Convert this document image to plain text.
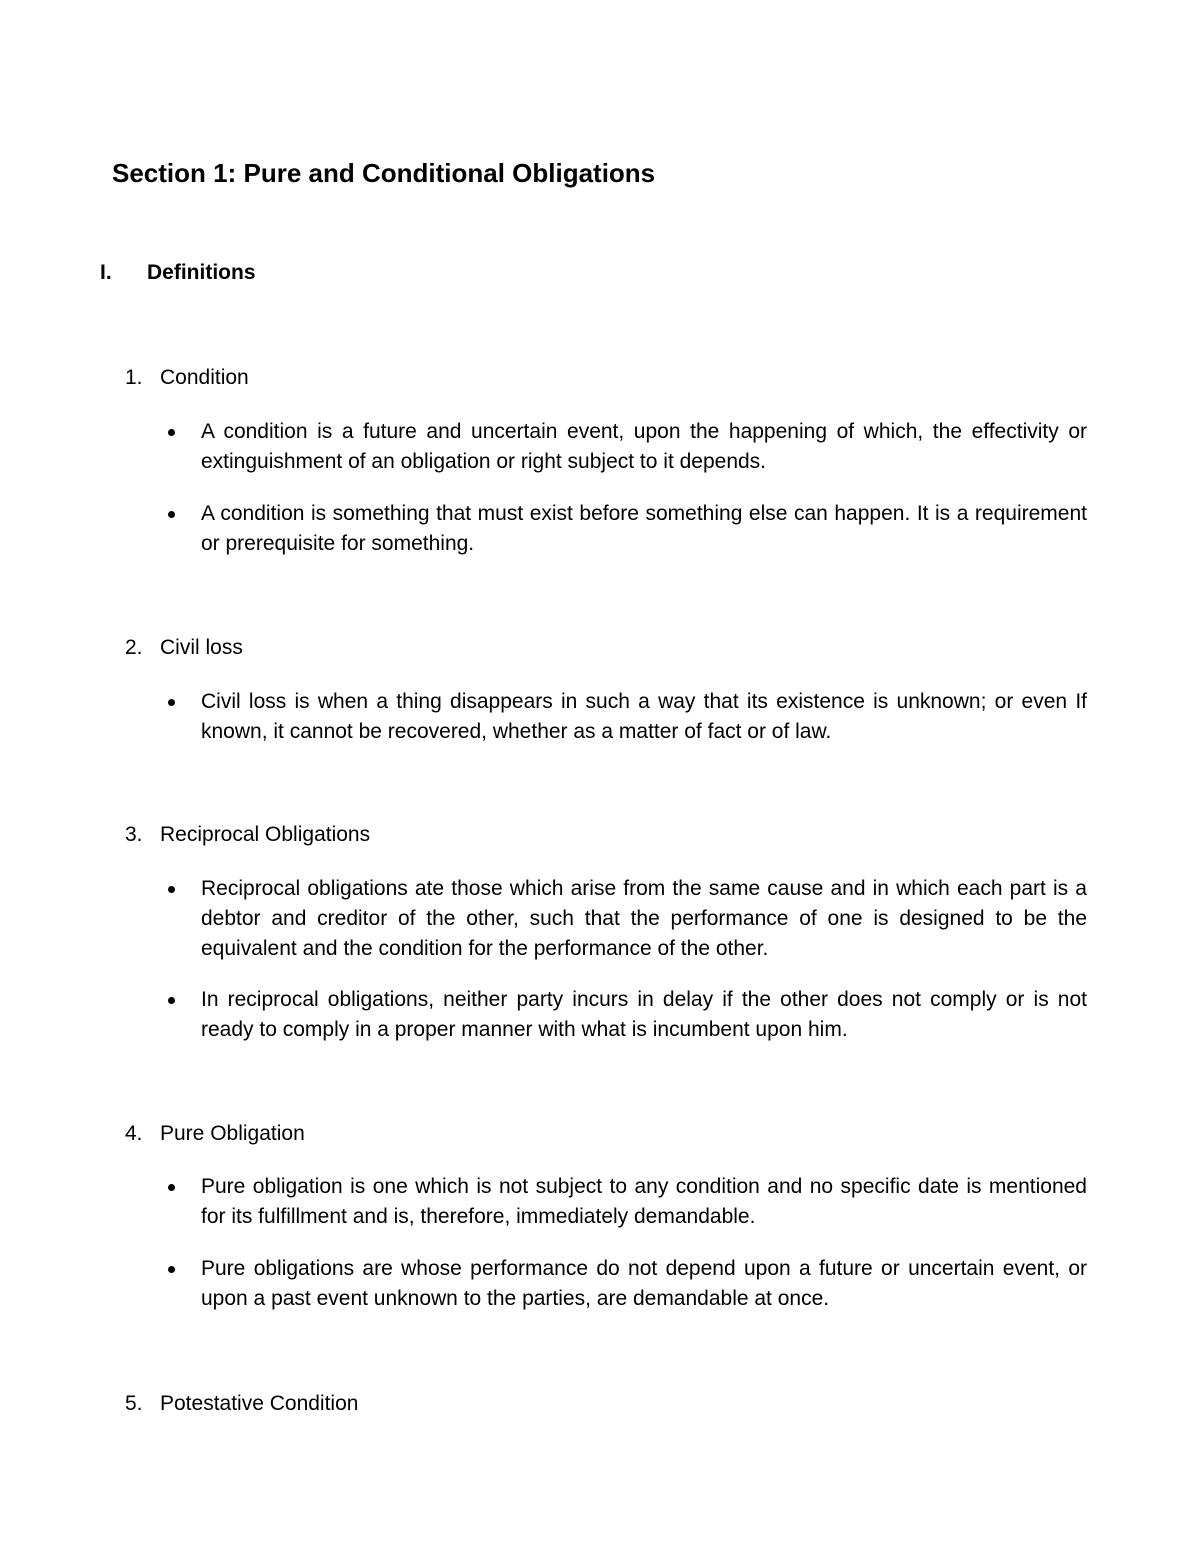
Section 1: Pure and Conditional Obligations
I. Definitions
1. Condition
A condition is a future and uncertain event, upon the happening of which, the effectivity or extinguishment of an obligation or right subject to it depends.
A condition is something that must exist before something else can happen. It is a requirement or prerequisite for something.
2. Civil loss
Civil loss is when a thing disappears in such a way that its existence is unknown; or even If known, it cannot be recovered, whether as a matter of fact or of law.
3. Reciprocal Obligations
Reciprocal obligations ate those which arise from the same cause and in which each part is a debtor and creditor of the other, such that the performance of one is designed to be the equivalent and the condition for the performance of the other.
In reciprocal obligations, neither party incurs in delay if the other does not comply or is not ready to comply in a proper manner with what is incumbent upon him.
4. Pure Obligation
Pure obligation is one which is not subject to any condition and no specific date is mentioned for its fulfillment and is, therefore, immediately demandable.
Pure obligations are whose performance do not depend upon a future or uncertain event, or upon a past event unknown to the parties, are demandable at once.
5. Potestative Condition
